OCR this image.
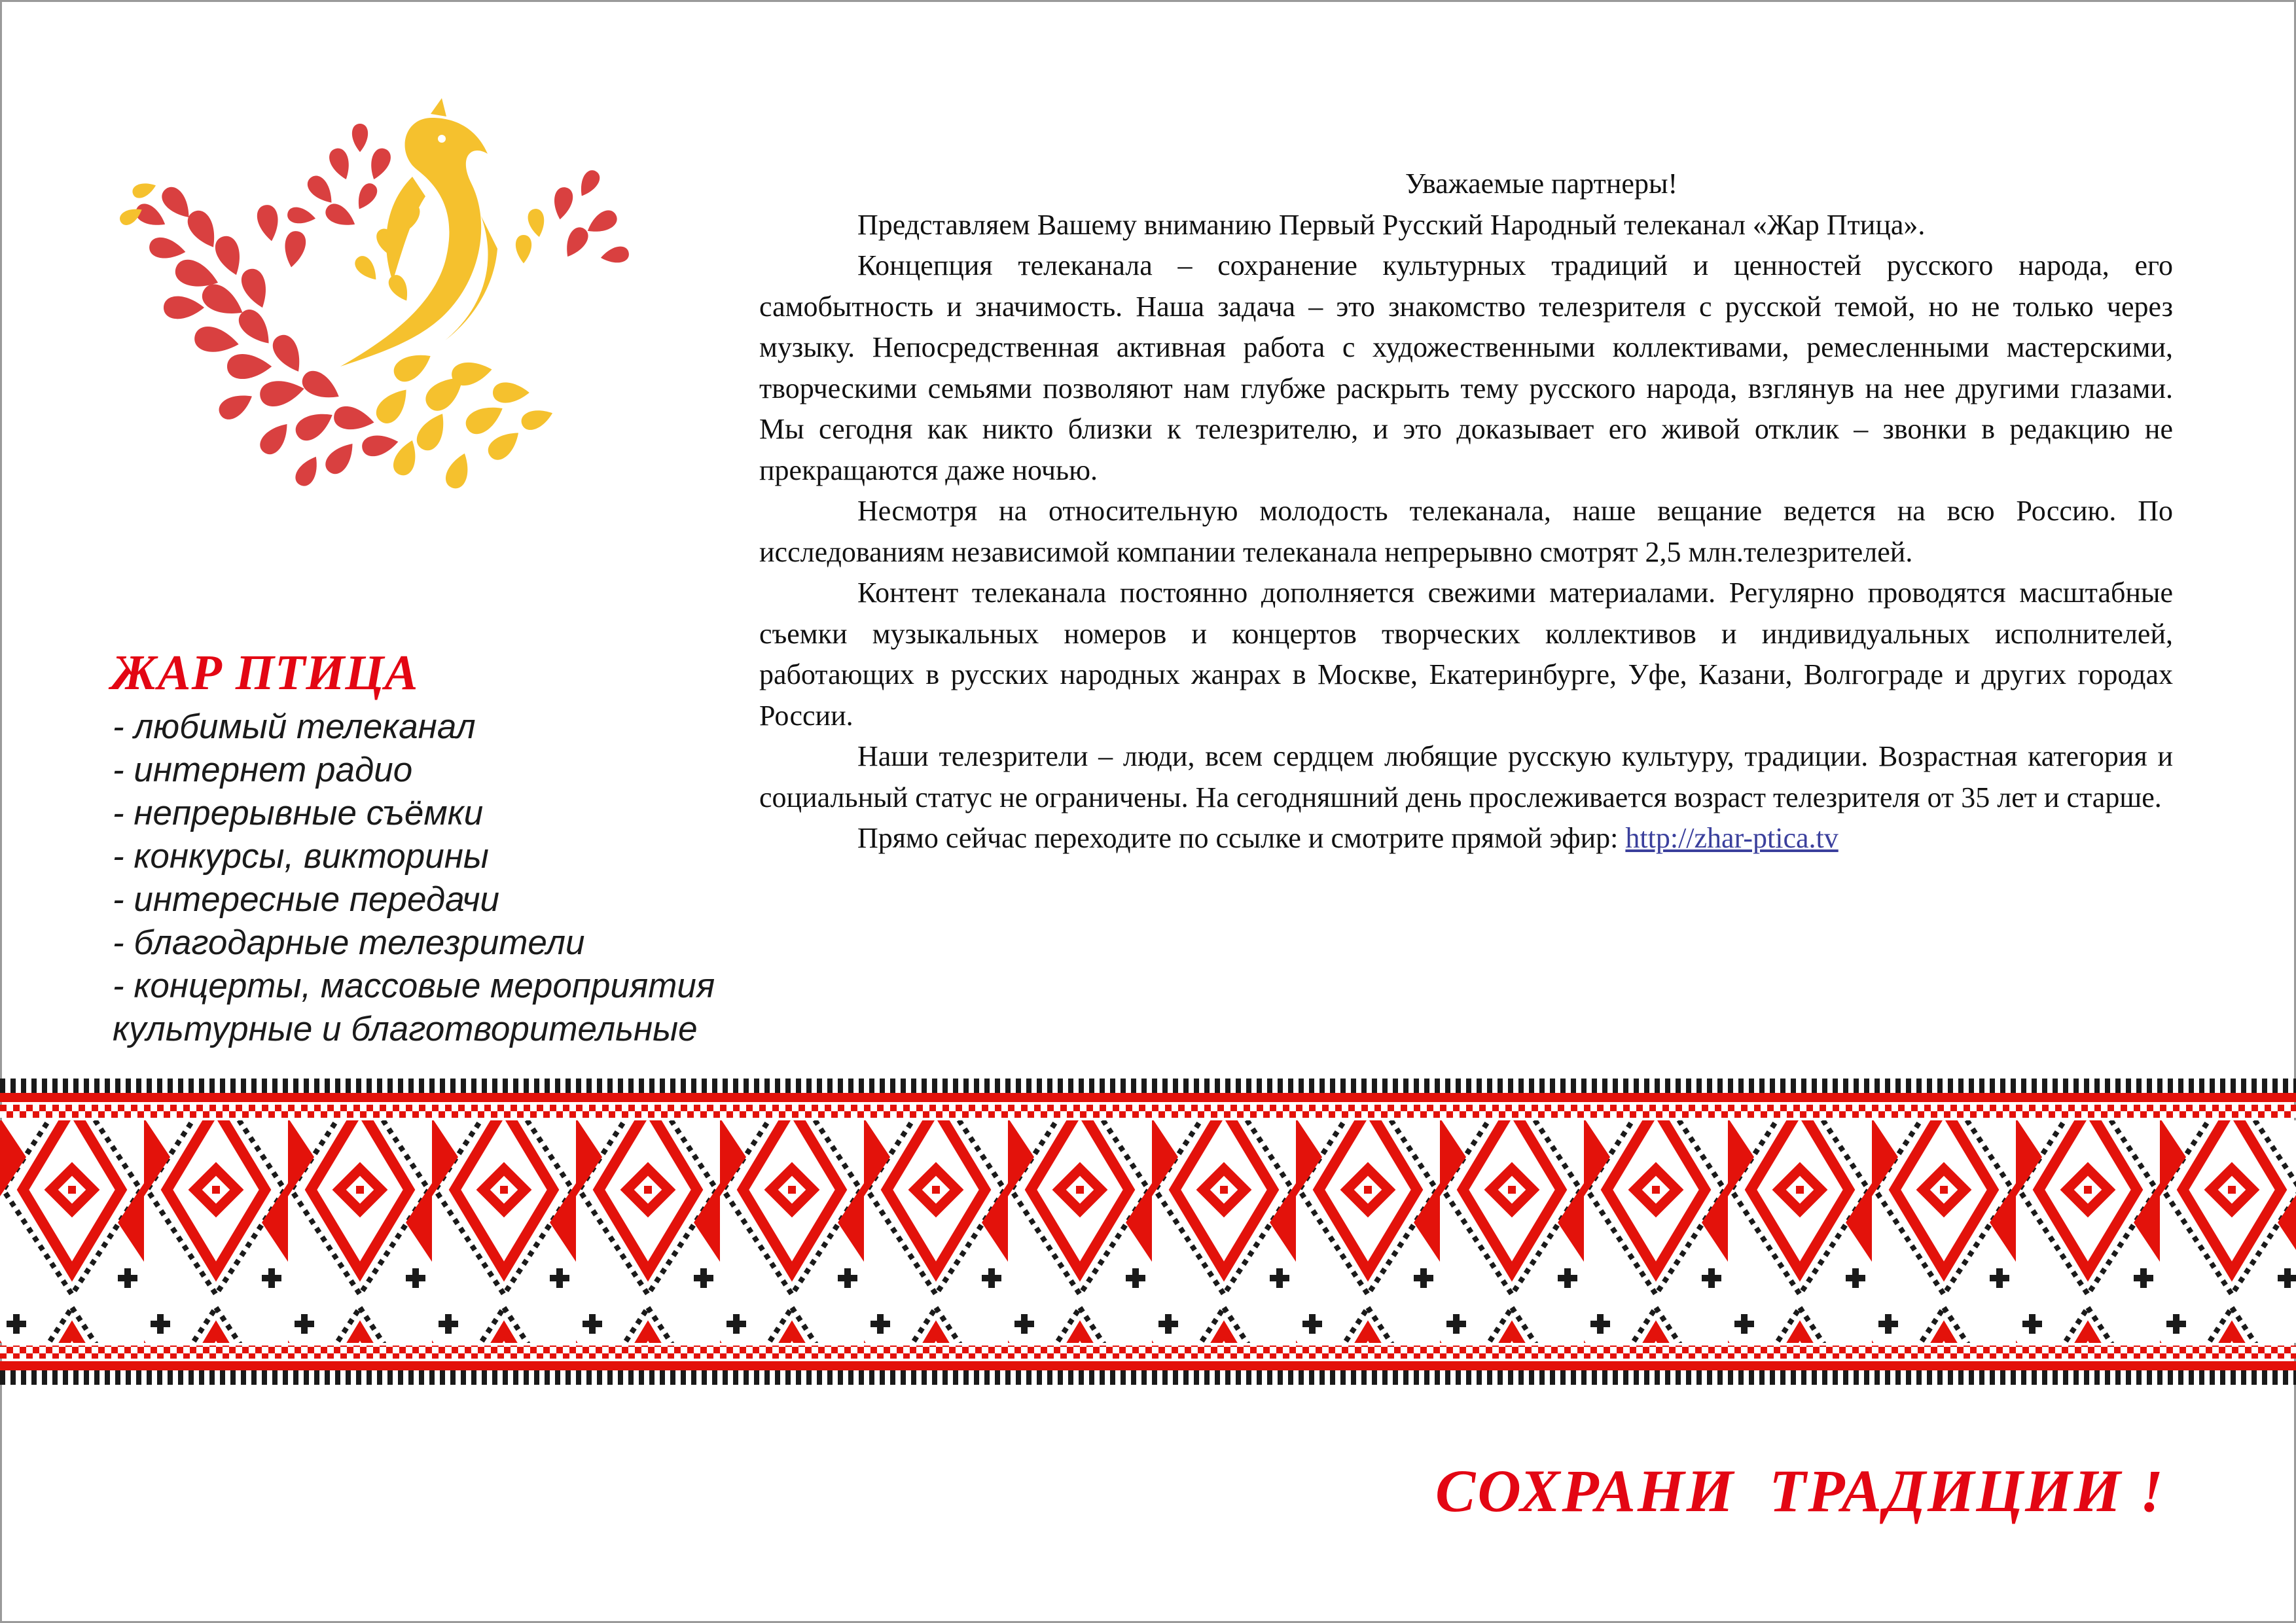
ЖАР ПТИЦА
- любимый телеканал
- интернет радио
- непрерывные съёмки
- конкурсы, викторины
- интересные передачи
- благодарные телезрители
- концерты, массовые мероприятия
культурные и благотворительные

Уважаемые партнеры!

Представляем Вашему вниманию Первый Русский Народный телеканал «Жар Птица».

Концепция телеканала – сохранение культурных традиций и ценностей русского народа, его самобытность и значимость. Наша задача – это знакомство телезрителя с русской темой, но не только через музыку. Непосредственная активная работа с художественными коллективами, ремесленными мастерскими, творческими семьями позволяют нам глубже раскрыть тему русского народа, взглянув на нее другими глазами. Мы сегодня как никто близки к телезрителю, и это доказывает его живой отклик – звонки в редакцию не прекращаются даже ночью.

Несмотря на относительную молодость телеканала, наше вещание ведется на всю Россию. По исследованиям независимой компании телеканала непрерывно смотрят 2,5 млн.телезрителей.

Контент телеканала постоянно дополняется свежими материалами. Регулярно проводятся масштабные съемки музыкальных номеров и концертов творческих коллективов и индивидуальных исполнителей, работающих в русских народных жанрах в Москве, Екатеринбурге, Уфе, Казани, Волгограде и других городах России.

Наши телезрители – люди, всем сердцем любящие русскую культуру, традиции. Возрастная категория и социальный статус не ограничены. На сегодняшний день прослеживается возраст телезрителя от 35 лет и старше.

Прямо сейчас переходите по ссылке и смотрите прямой эфир: http://zhar-ptica.tv

СОХРАНИ  ТРАДИЦИИ !
